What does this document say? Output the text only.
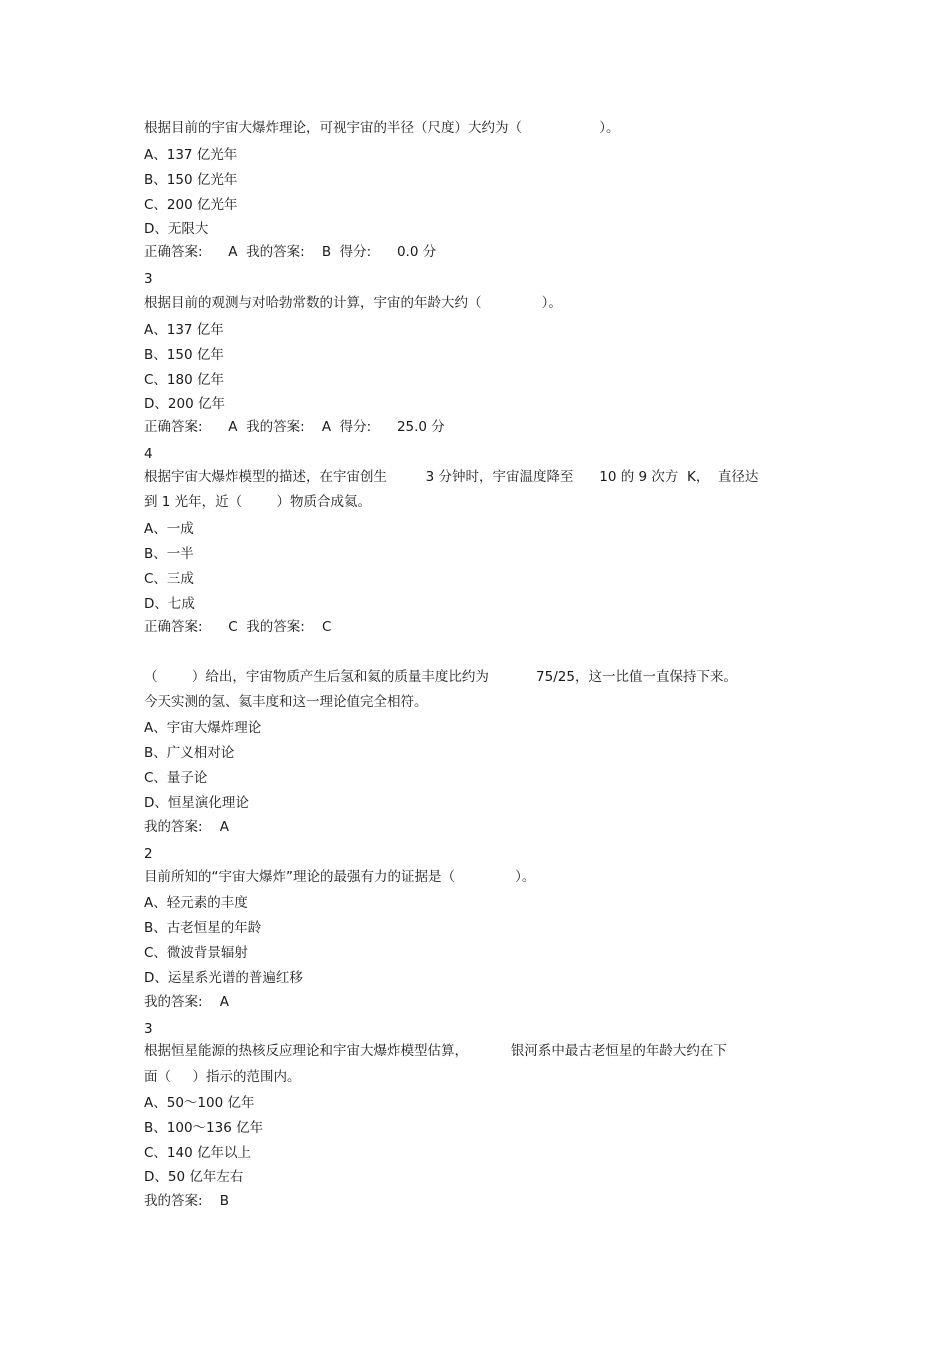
根据目前的宇宙大爆炸理论，可视宇宙的半径（尺度）大约为（                  ）。
A、137 亿光年
B、150 亿光年
C、200 亿光年
D、无限大
正确答案:      A  我的答案:    B  得分:      0.0 分
3
根据目前的观测与对哈勃常数的计算，宇宙的年龄大约（              ）。
A、137 亿年
B、150 亿年
C、180 亿年
D、200 亿年
正确答案:      A  我的答案:    A  得分:      25.0 分
4
根据宇宙大爆炸模型的描述，在宇宙创生         3 分钟时，宇宙温度降至      10 的 9 次方  K，  直径达
到 1 光年，近（        ）物质合成氦。
A、一成
B、一半
C、三成
D、七成
正确答案:      C  我的答案:    C
（        ）给出，宇宙物质产生后氢和氦的质量丰度比约为           75/25，这一比值一直保持下来。
今天实测的氢、氦丰度和这一理论值完全相符。
A、宇宙大爆炸理论
B、广义相对论
C、量子论
D、恒星演化理论
我的答案:    A
2
目前所知的“宇宙大爆炸”理论的最强有力的证据是（              ）。
A、轻元素的丰度
B、古老恒星的年龄
C、微波背景辐射
D、运星系光谱的普遍红移
我的答案:    A
3
根据恒星能源的热核反应理论和宇宙大爆炸模型估算，          银河系中最古老恒星的年龄大约在下
面（     ）指示的范围内。
A、50～100 亿年
B、100～136 亿年
C、140 亿年以上
D、50 亿年左右
我的答案:    B
